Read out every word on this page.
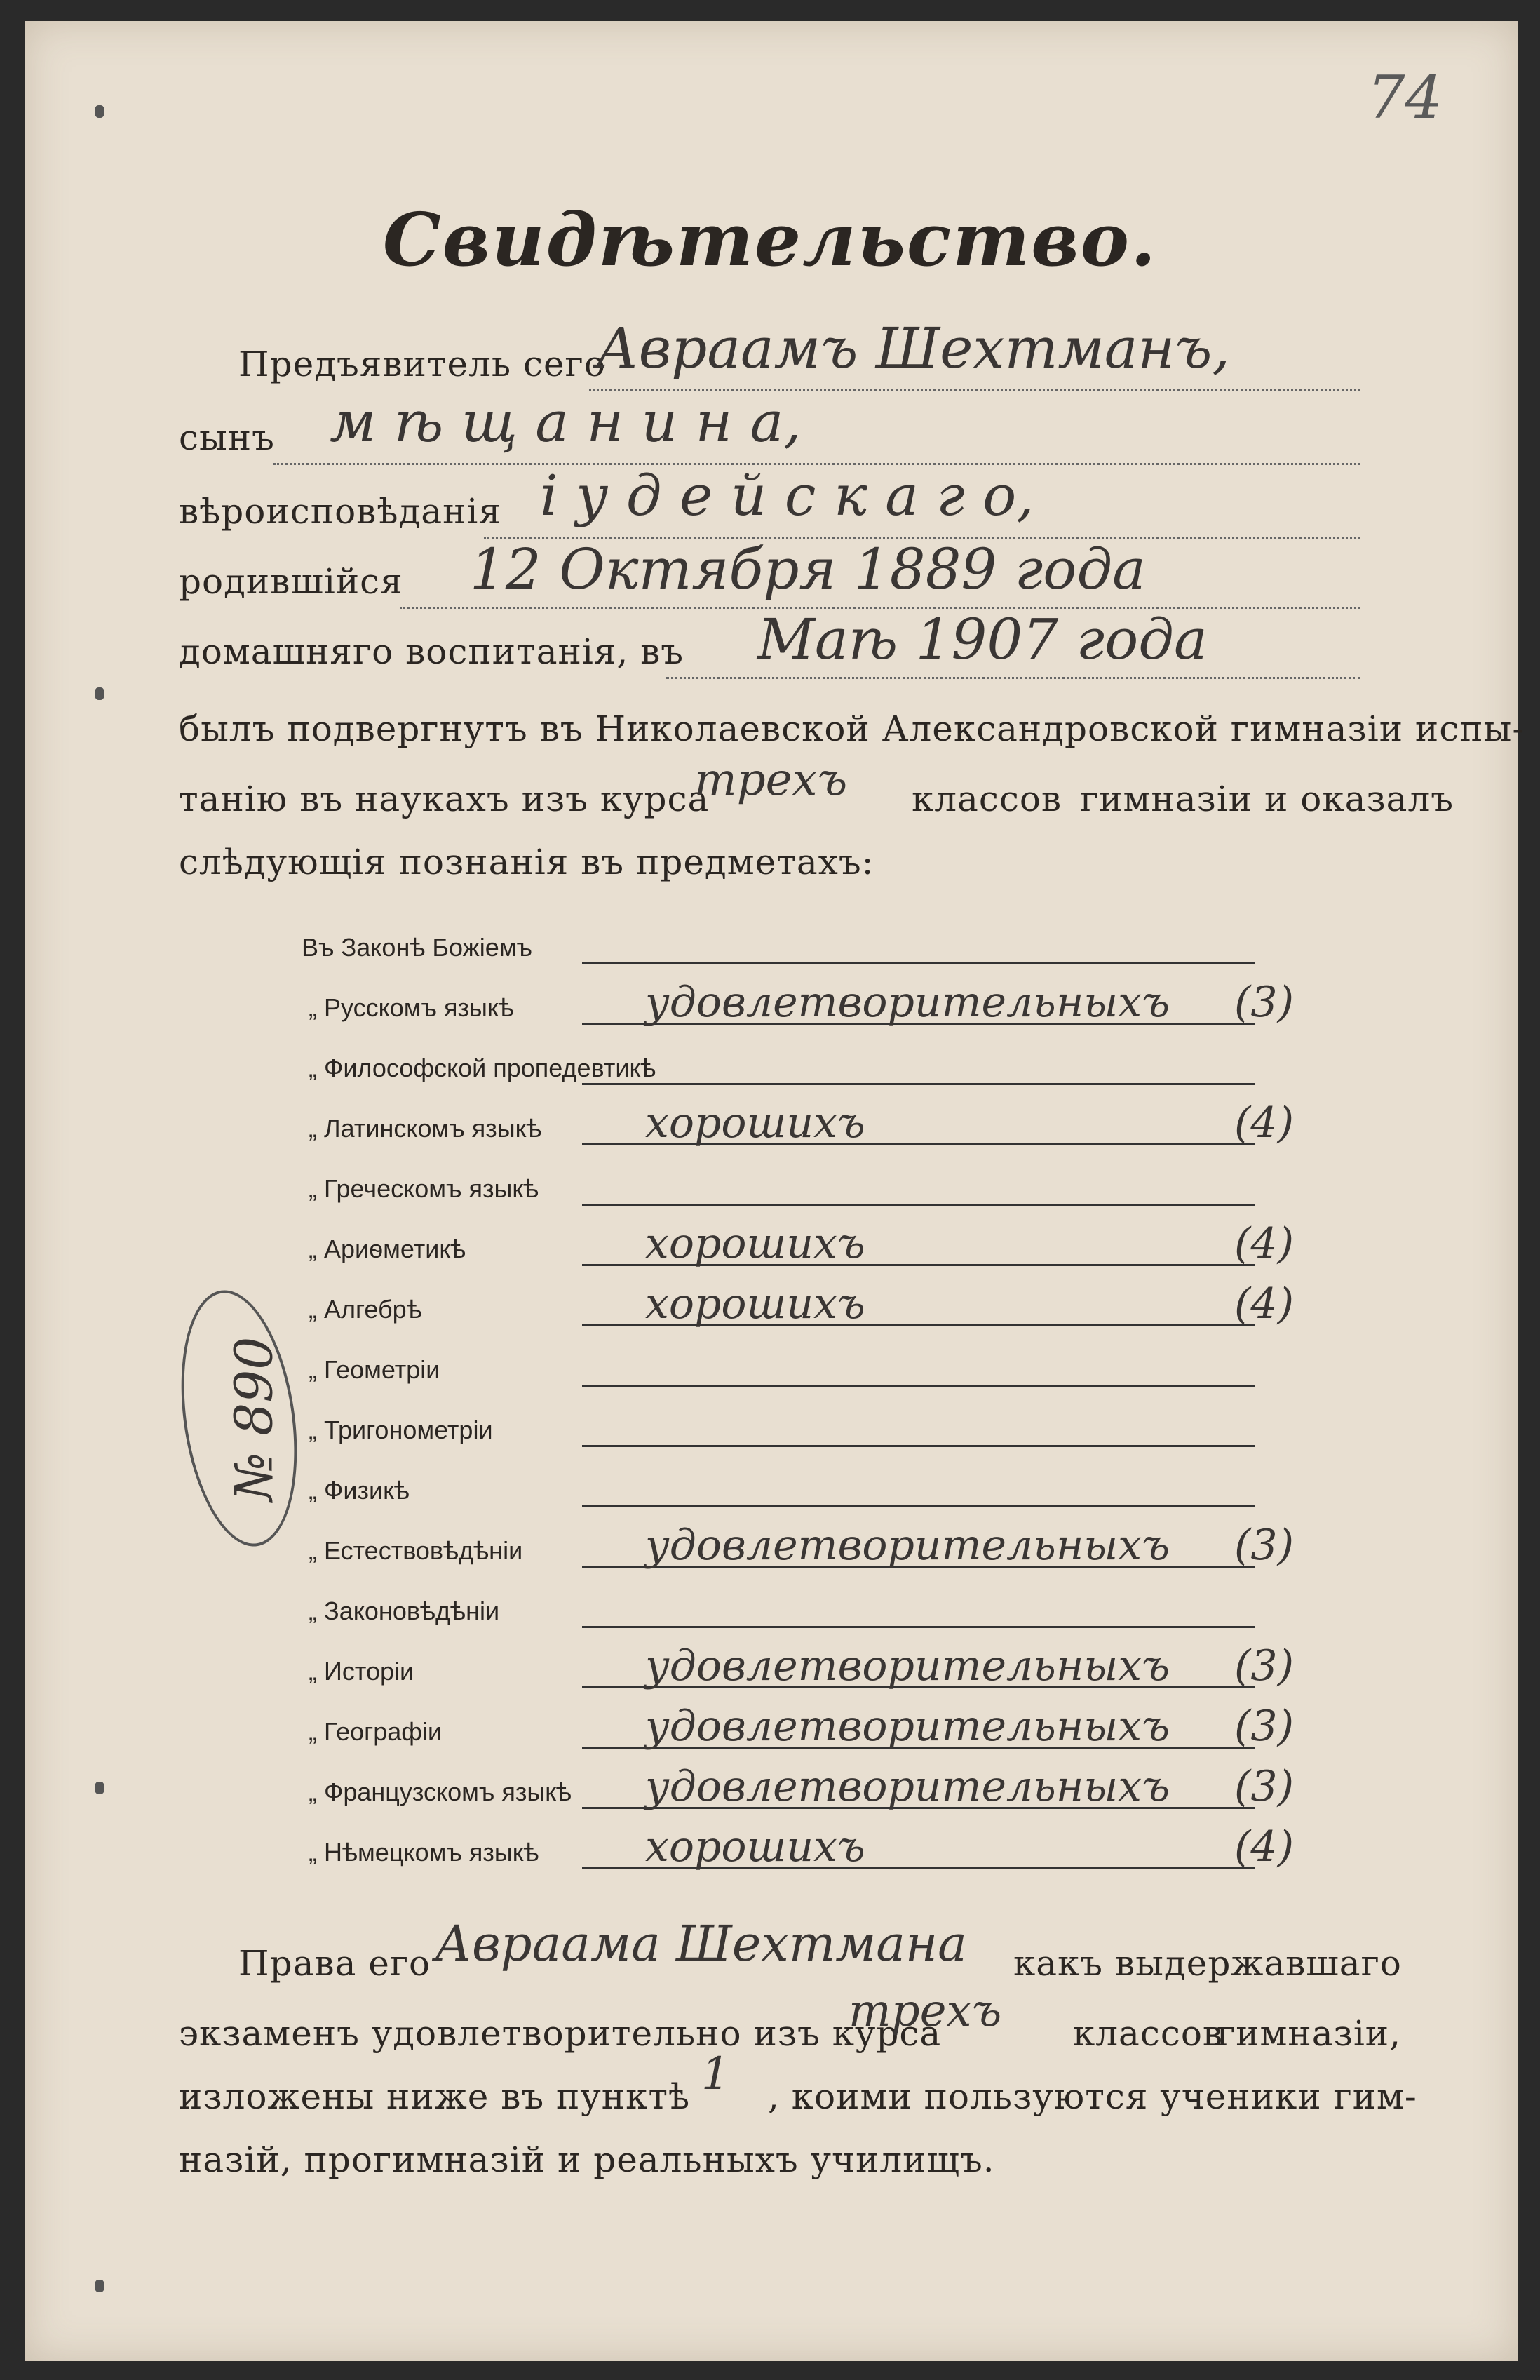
74
Свидѣтельство.
Предъявитель сего
Авраамъ Шехтманъ,
сынъ м ѣ щ а н и н а,
вѣроисповѣданія і у д е й с к а г о,
родившійся 12 Октября 1889 года
домашняго воспитанія, въ Маѣ 1907 года
былъ подвергнутъ въ Николаевской Александровской гимназіи испы-
танію въ наукахъ изъ курса
трехъ классов гимназіи и оказалъ
слѣдующія познанія въ предметахъ:
Въ Законѣ Божіемъ
„ Русскомъ языкѣ	удовлетворительныхъ (3)
„ Философской пропедевтикѣ
„ Латинскомъ языкѣ хорошихъ	(4)
„ Греческомъ языкѣ
„ Ариѳметикѣ	хорошихъ	(4)
„ Алгебрѣ	хорошихъ	(4)
„ Геометріи
„ Тригонометріи
„ Физикѣ
„ Естествовѣдѣніи	удовлетворительныхъ (3)
„ Законовѣдѣніи
„ Исторіи	удовлетворительныхъ (3)
„ Географіи	удовлетворительныхъ (3)
„ Французскомъ языкѣ удовлетворительныхъ (3)
„ Нѣмецкомъ языкѣ	хорошихъ	(4)
№ 890
Права его Авраама Шехтмана какъ выдержавшаго
экзаменъ удовлетворительно изъ курса
трехъ классов
гимназіи,
изложены ниже въ пунктѣ 1 , коими пользуются ученики гим-
назій, прогимназій и реальныхъ училищъ.
